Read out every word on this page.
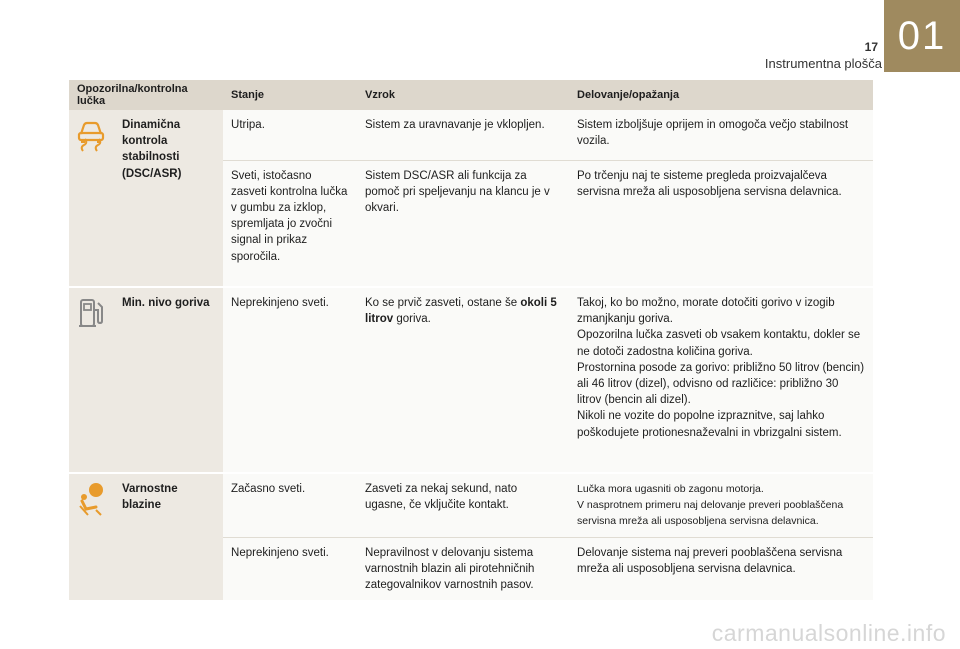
17
Instrumentna plošča
01
Opozorilna/kontrolna lučka		Stanje	Vzrok	Delovanje/opažanja

	Dinamična kontrola stabilnosti (DSC/ASR)	Utripa.	Sistem za uravnavanje je vklopljen.	Sistem izboljšuje oprijem in omogoča večjo stabilnost vozila.
		Sveti, istočasno zasveti kontrolna lučka v gumbu za izklop, spremljata jo zvočni signal in prikaz sporočila.	Sistem DSC/ASR ali funkcija za pomoč pri speljevanju na klancu je v okvari.	Po trčenju naj te sisteme pregleda proizvajalčeva servisna mreža ali usposobljena servisna delavnica.

	Min. nivo goriva	Neprekinjeno sveti.	Ko se prvič zasveti, ostane še okoli 5 litrov goriva.	Takoj, ko bo možno, morate dotočiti gorivo v izogib zmanjkanju goriva.
Opozorilna lučka zasveti ob vsakem kontaktu, dokler se ne dotoči zadostna količina goriva.
Prostornina posode za gorivo: približno 50 litrov (bencin) ali 46 litrov (dizel), odvisno od različice: približno 30 litrov (bencin ali dizel).
Nikoli ne vozite do popolne izpraznitve, saj lahko poškodujete protionesnaževalni in vbrizgalni sistem.

	Varnostne blazine	Začasno sveti.	Zasveti za nekaj sekund, nato ugasne, če vključite kontakt.	Lučka mora ugasniti ob zagonu motorja.
V nasprotnem primeru naj delovanje preveri pooblaščena servisna mreža ali usposobljena servisna delavnica.

		Neprekinjeno sveti.	Nepravilnost v delovanju sistema varnostnih blazin ali pirotehničnih zategovalnikov varnostnih pasov.	Delovanje sistema naj preveri pooblaščena servisna mreža ali usposobljena servisna delavnica.
carmanualsonline.info
